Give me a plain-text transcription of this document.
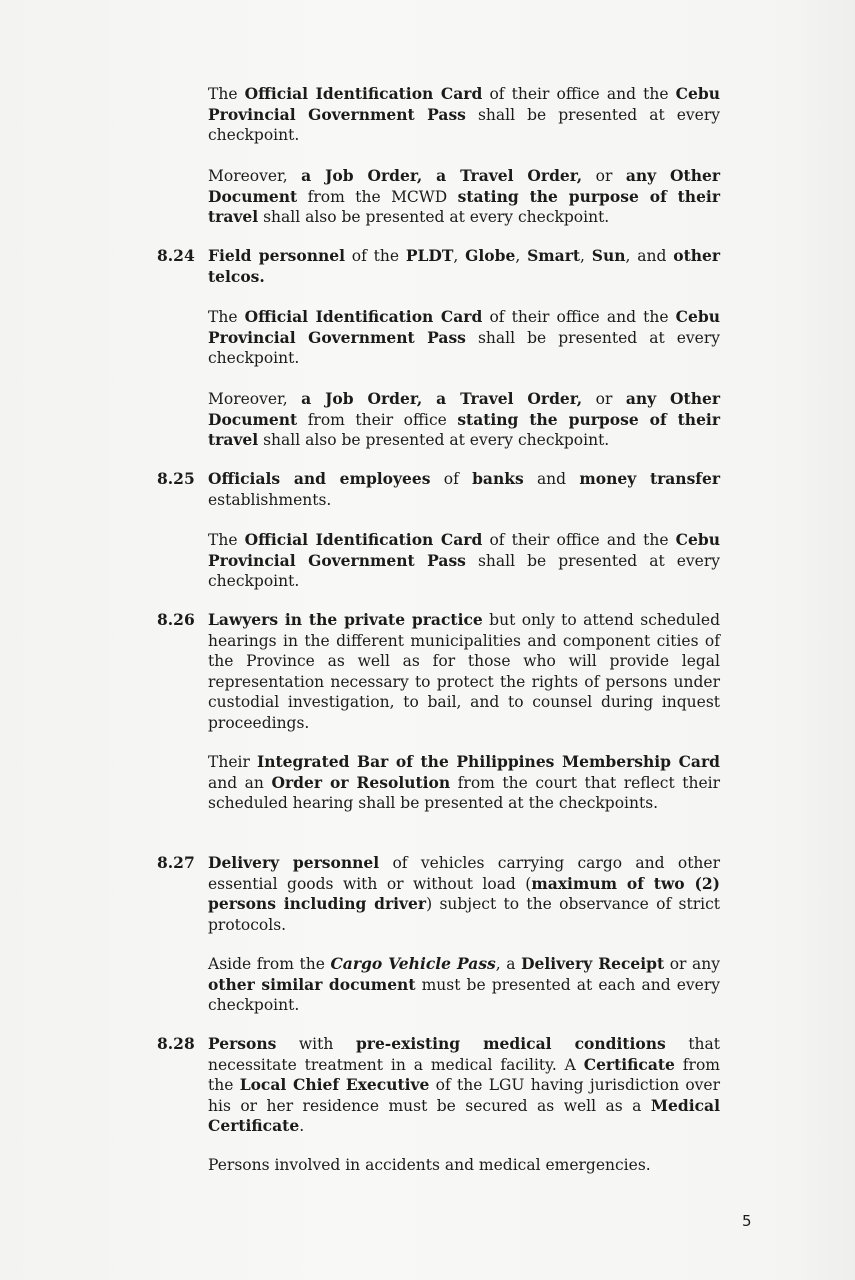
The Official Identification Card of their office and the Cebu Provincial Government Pass shall be presented at every checkpoint.
Moreover, a Job Order, a Travel Order, or any Other Document from the MCWD stating the purpose of their travel shall also be presented at every checkpoint.
8.24 Field personnel of the PLDT, Globe, Smart, Sun, and other telcos.
The Official Identification Card of their office and the Cebu Provincial Government Pass shall be presented at every checkpoint.
Moreover, a Job Order, a Travel Order, or any Other Document from their office stating the purpose of their travel shall also be presented at every checkpoint.
8.25 Officials and employees of banks and money transfer establishments.
The Official Identification Card of their office and the Cebu Provincial Government Pass shall be presented at every checkpoint.
8.26 Lawyers in the private practice but only to attend scheduled hearings in the different municipalities and component cities of the Province as well as for those who will provide legal representation necessary to protect the rights of persons under custodial investigation, to bail, and to counsel during inquest proceedings.
Their Integrated Bar of the Philippines Membership Card and an Order or Resolution from the court that reflect their scheduled hearing shall be presented at the checkpoints.
8.27 Delivery personnel of vehicles carrying cargo and other essential goods with or without load (maximum of two (2) persons including driver) subject to the observance of strict protocols.
Aside from the Cargo Vehicle Pass, a Delivery Receipt or any other similar document must be presented at each and every checkpoint.
8.28 Persons with pre-existing medical conditions that necessitate treatment in a medical facility. A Certificate from the Local Chief Executive of the LGU having jurisdiction over his or her residence must be secured as well as a Medical Certificate.
Persons involved in accidents and medical emergencies.
5
